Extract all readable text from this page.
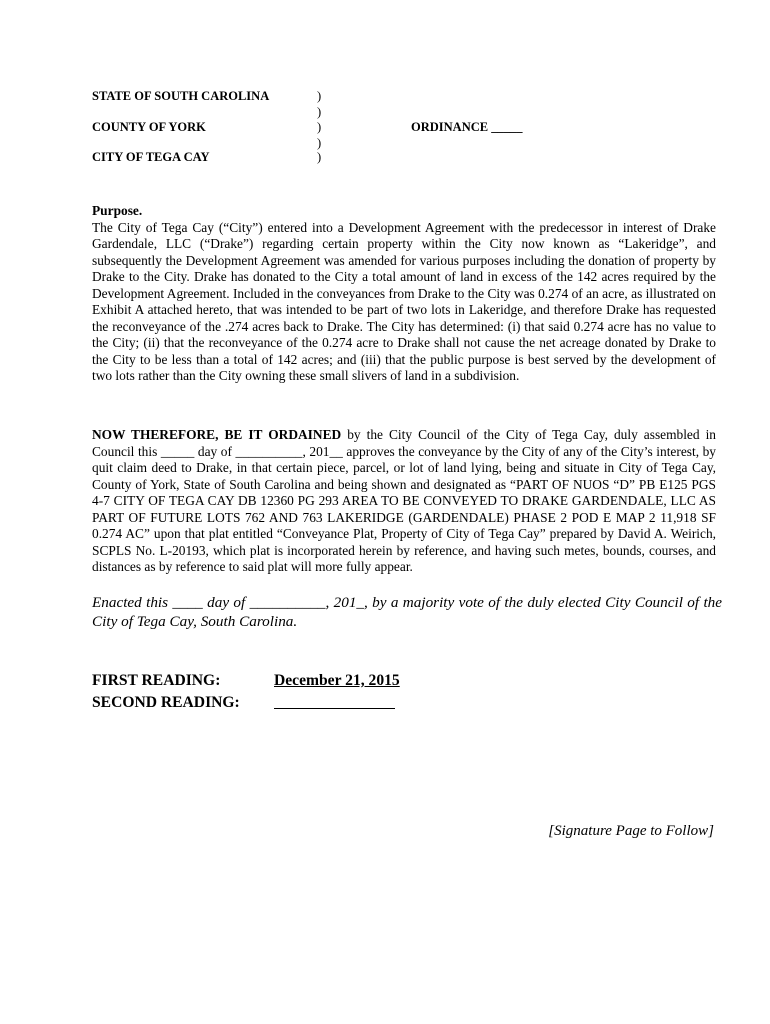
STATE OF SOUTH CAROLINA	)
)
COUNTY OF YORK	)	ORDINANCE _____
)
CITY OF TEGA CAY	)
Purpose.
The City of Tega Cay (“City”) entered into a Development Agreement with the predecessor in interest of Drake Gardendale, LLC (“Drake”) regarding certain property within the City now known as “Lakeridge”, and subsequently the Development Agreement was amended for various purposes including the donation of property by Drake to the City. Drake has donated to the City a total amount of land in excess of the 142 acres required by the Development Agreement. Included in the conveyances from Drake to the City was 0.274 of an acre, as illustrated on Exhibit A attached hereto, that was intended to be part of two lots in Lakeridge, and therefore Drake has requested the reconveyance of the .274 acres back to Drake. The City has determined: (i) that said 0.274 acre has no value to the City; (ii) that the reconveyance of the 0.274 acre to Drake shall not cause the net acreage donated by Drake to the City to be less than a total of 142 acres; and (iii) that the public purpose is best served by the development of two lots rather than the City owning these small slivers of land in a subdivision.
NOW THEREFORE, BE IT ORDAINED by the City Council of the City of Tega Cay, duly assembled in Council this _____ day of __________, 201__ approves the conveyance by the City of any of the City’s interest, by quit claim deed to Drake, in that certain piece, parcel, or lot of land lying, being and situate in City of Tega Cay, County of York, State of South Carolina and being shown and designated as “PART OF NUOS “D” PB E125 PGS 4-7 CITY OF TEGA CAY DB 12360 PG 293 AREA TO BE CONVEYED TO DRAKE GARDENDALE, LLC AS PART OF FUTURE LOTS 762 AND 763 LAKERIDGE (GARDENDALE) PHASE 2 POD E MAP 2 11,918 SF 0.274 AC” upon that plat entitled “Conveyance Plat, Property of City of Tega Cay” prepared by David A. Weirich, SCPLS No. L-20193, which plat is incorporated herein by reference, and having such metes, bounds, courses, and distances as by reference to said plat will more fully appear.
Enacted this ____ day of __________, 201_, by a majority vote of the duly elected City Council of the City of Tega Cay, South Carolina.
FIRST READING:	December 21, 2015
SECOND READING:
[Signature Page to Follow]
